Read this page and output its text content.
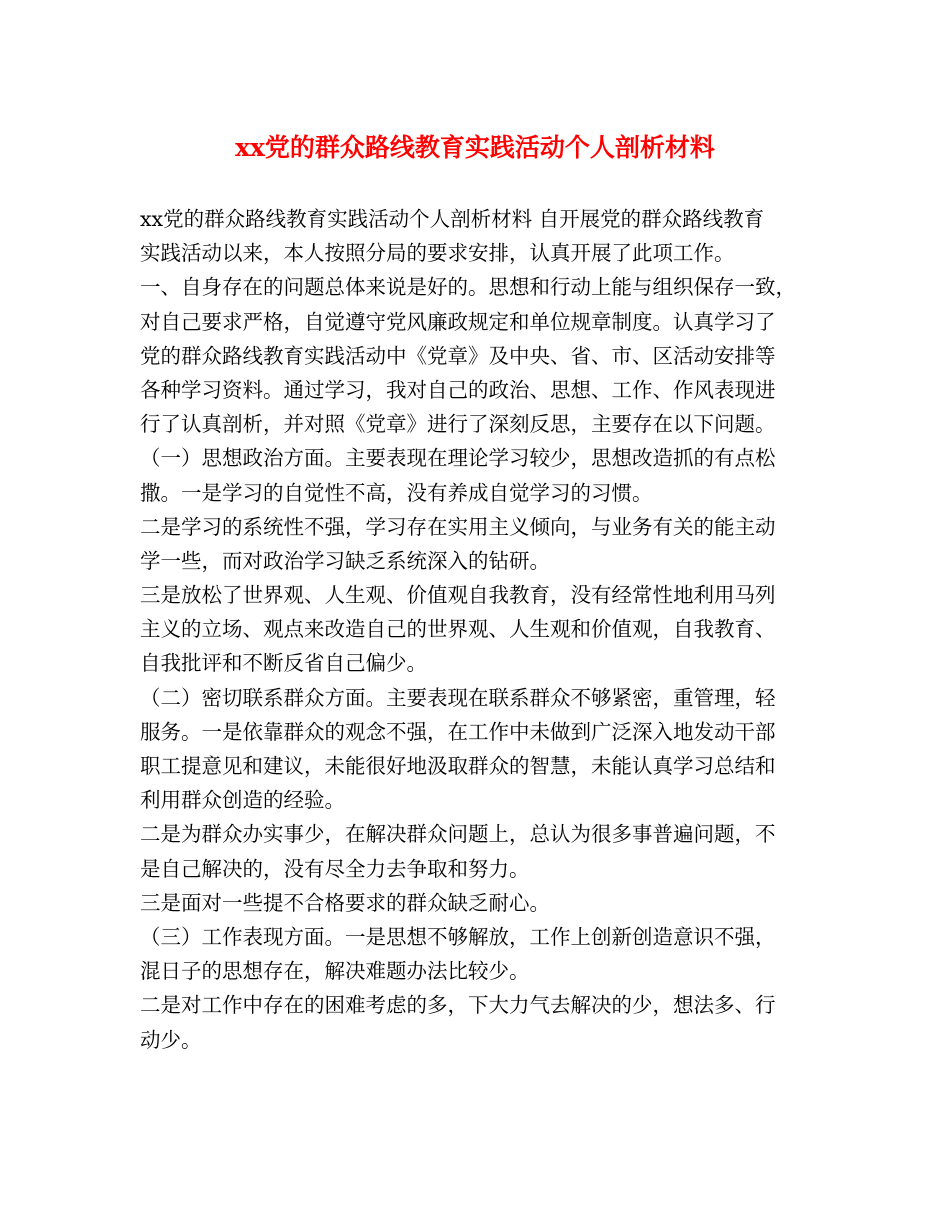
xx党的群众路线教育实践活动个人剖析材料
xx党的群众路线教育实践活动个人剖析材料 自开展党的群众路线教育
实践活动以来，本人按照分局的要求安排，认真开展了此项工作。
一、自身存在的问题总体来说是好的。思想和行动上能与组织保存一致，
对自己要求严格，自觉遵守党风廉政规定和单位规章制度。认真学习了
党的群众路线教育实践活动中《党章》及中央、省、市、区活动安排等
各种学习资料。通过学习，我对自己的政治、思想、工作、作风表现进
行了认真剖析，并对照《党章》进行了深刻反思，主要存在以下问题。
（一）思想政治方面。主要表现在理论学习较少，思想改造抓的有点松
撒。一是学习的自觉性不高，没有养成自觉学习的习惯。
二是学习的系统性不强，学习存在实用主义倾向，与业务有关的能主动
学一些，而对政治学习缺乏系统深入的钻研。
三是放松了世界观、人生观、价值观自我教育，没有经常性地利用马列
主义的立场、观点来改造自己的世界观、人生观和价值观，自我教育、
自我批评和不断反省自己偏少。
（二）密切联系群众方面。主要表现在联系群众不够紧密，重管理，轻
服务。一是依靠群众的观念不强，在工作中未做到广泛深入地发动干部
职工提意见和建议，未能很好地汲取群众的智慧，未能认真学习总结和
利用群众创造的经验。
二是为群众办实事少，在解决群众问题上，总认为很多事普遍问题，不
是自己解决的，没有尽全力去争取和努力。
三是面对一些提不合格要求的群众缺乏耐心。
（三）工作表现方面。一是思想不够解放，工作上创新创造意识不强，
混日子的思想存在，解决难题办法比较少。
二是对工作中存在的困难考虑的多，下大力气去解决的少，想法多、行
动少。
